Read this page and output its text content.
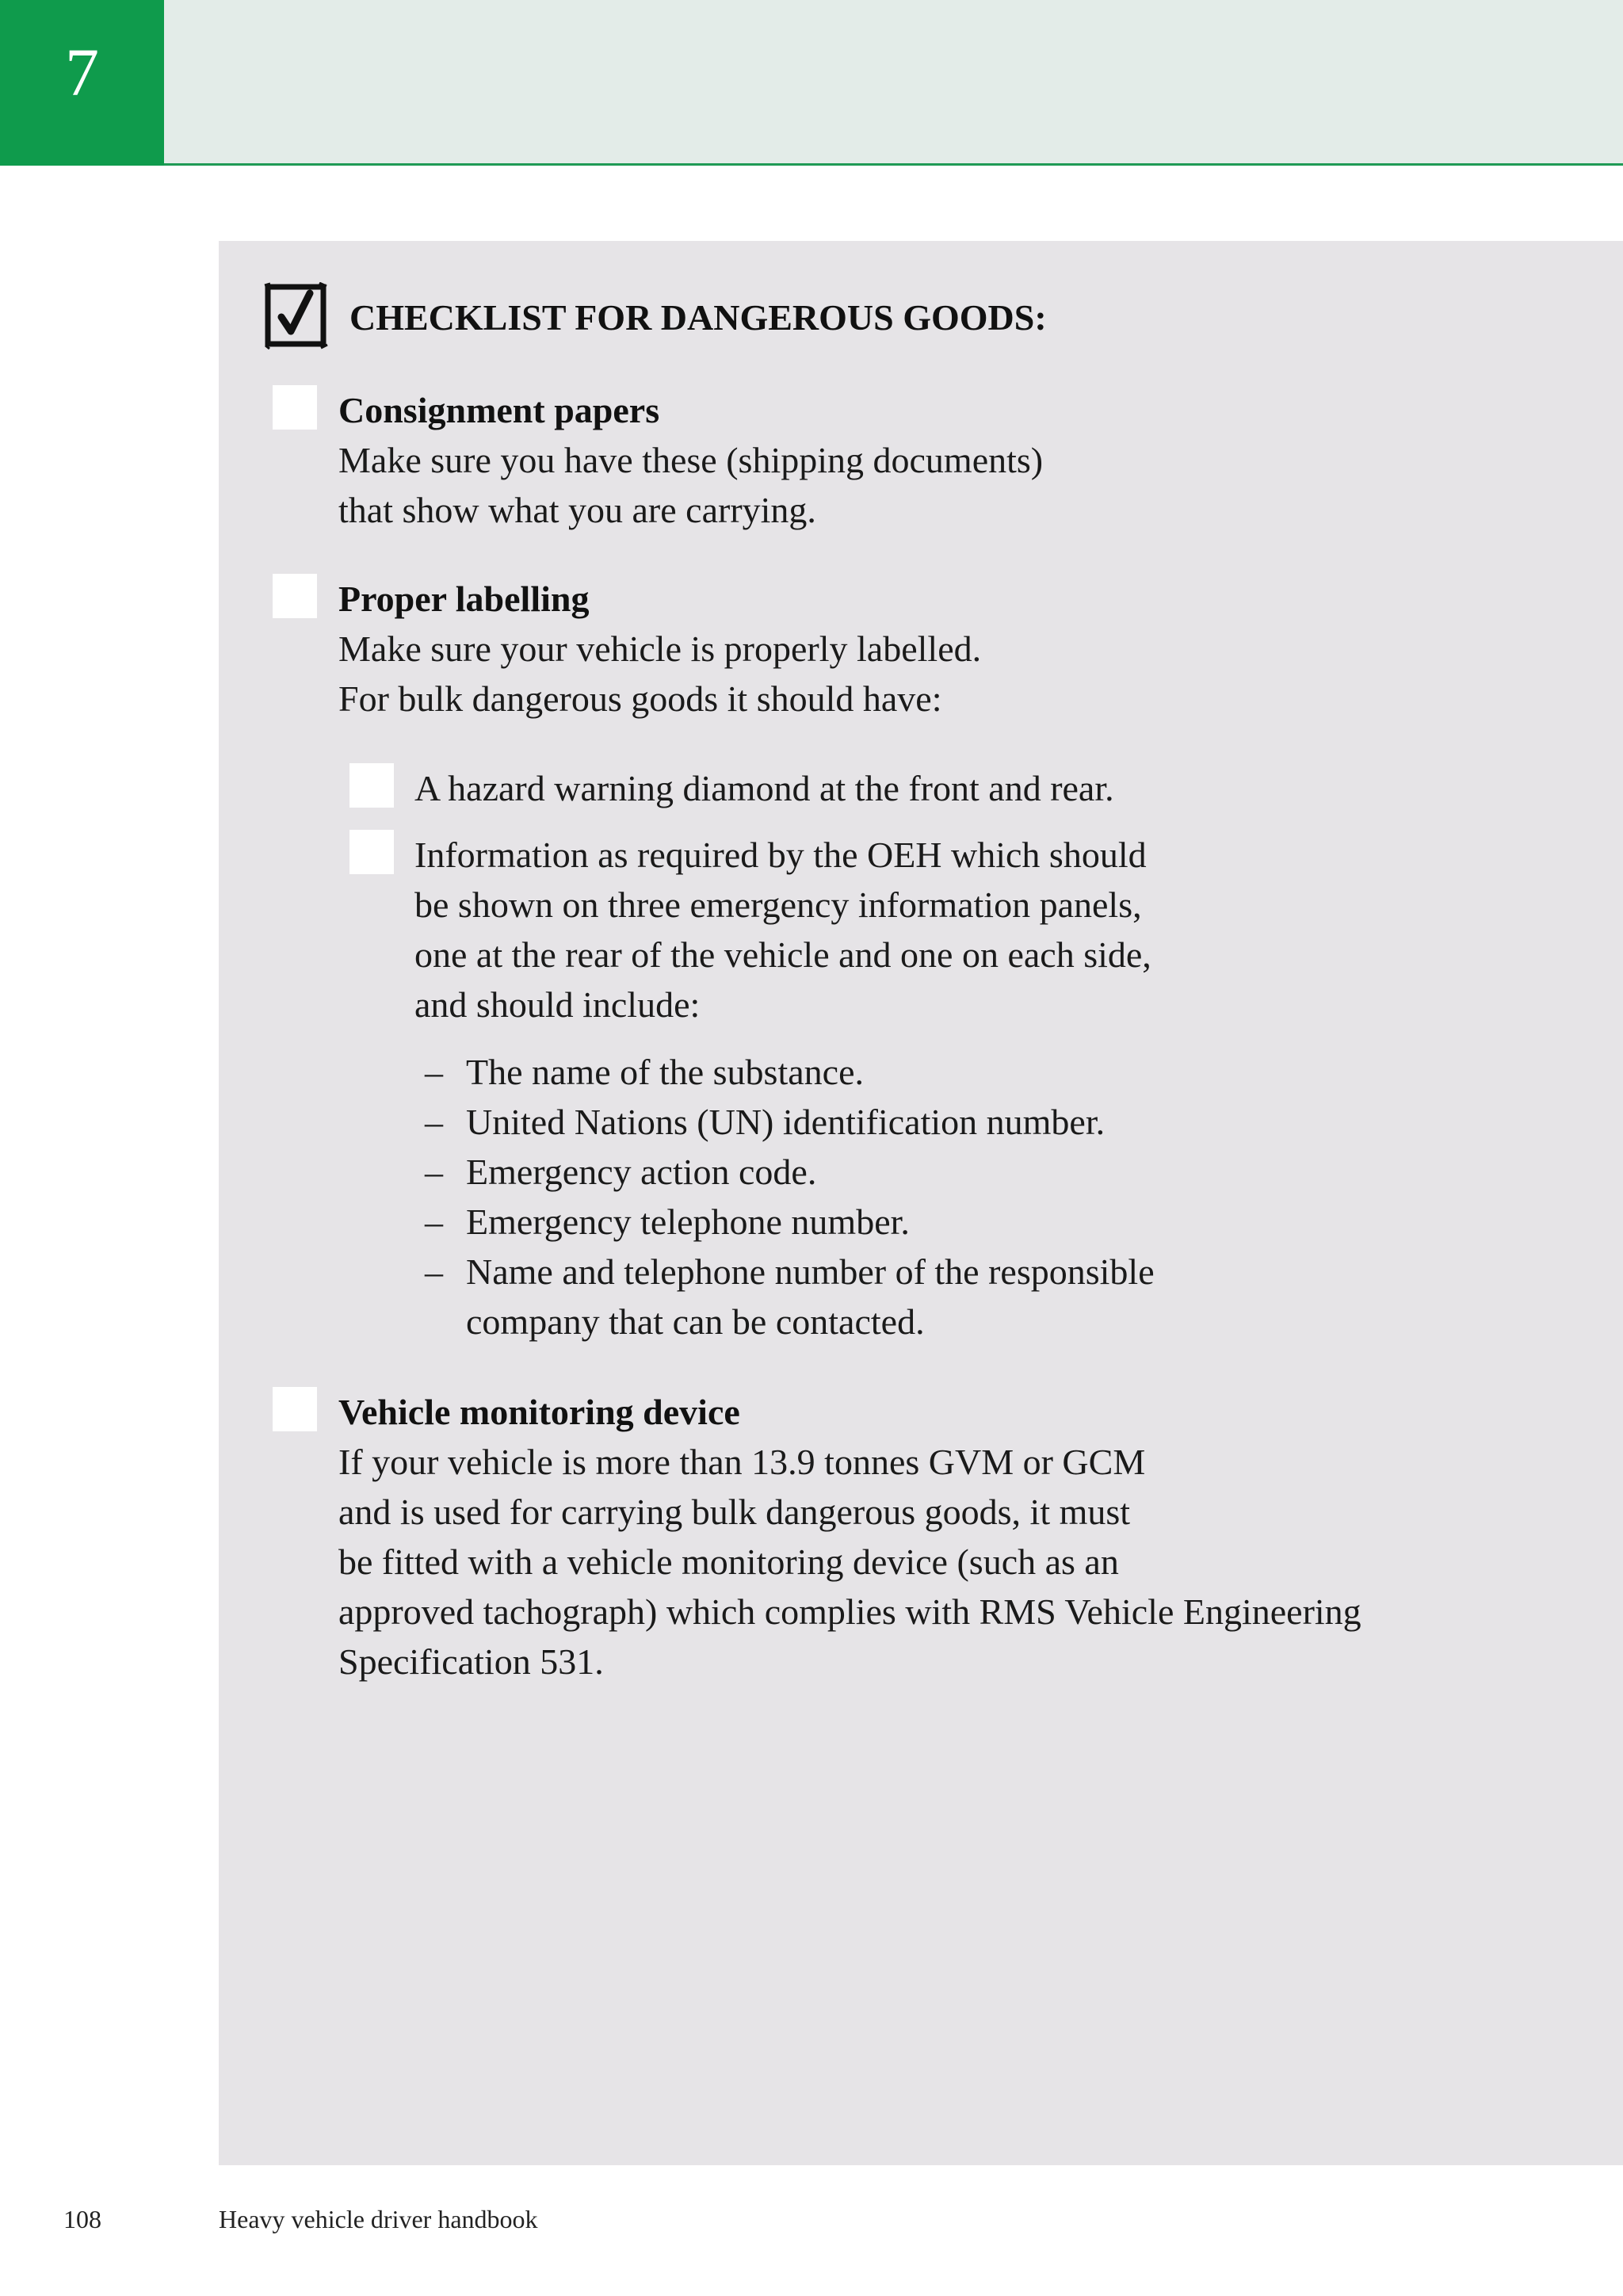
7
CHECKLIST FOR DANGEROUS GOODS:
Consignment papers
Make sure you have these (shipping documents)
that show what you are carrying.
Proper labelling
Make sure your vehicle is properly labelled.
For bulk dangerous goods it should have:
A hazard warning diamond at the front and rear.
Information as required by the OEH which should
be shown on three emergency information panels,
one at the rear of the vehicle and one on each side,
and should include:
– The name of the substance.
– United Nations (UN) identification number.
– Emergency action code.
– Emergency telephone number.
– Name and telephone number of the responsible
company that can be contacted.
Vehicle monitoring device
If your vehicle is more than 13.9 tonnes GVM or GCM
and is used for carrying bulk dangerous goods, it must
be fitted with a vehicle monitoring device (such as an
approved tachograph) which complies with RMS Vehicle Engineering
Specification 531.
108	Heavy vehicle driver handbook
